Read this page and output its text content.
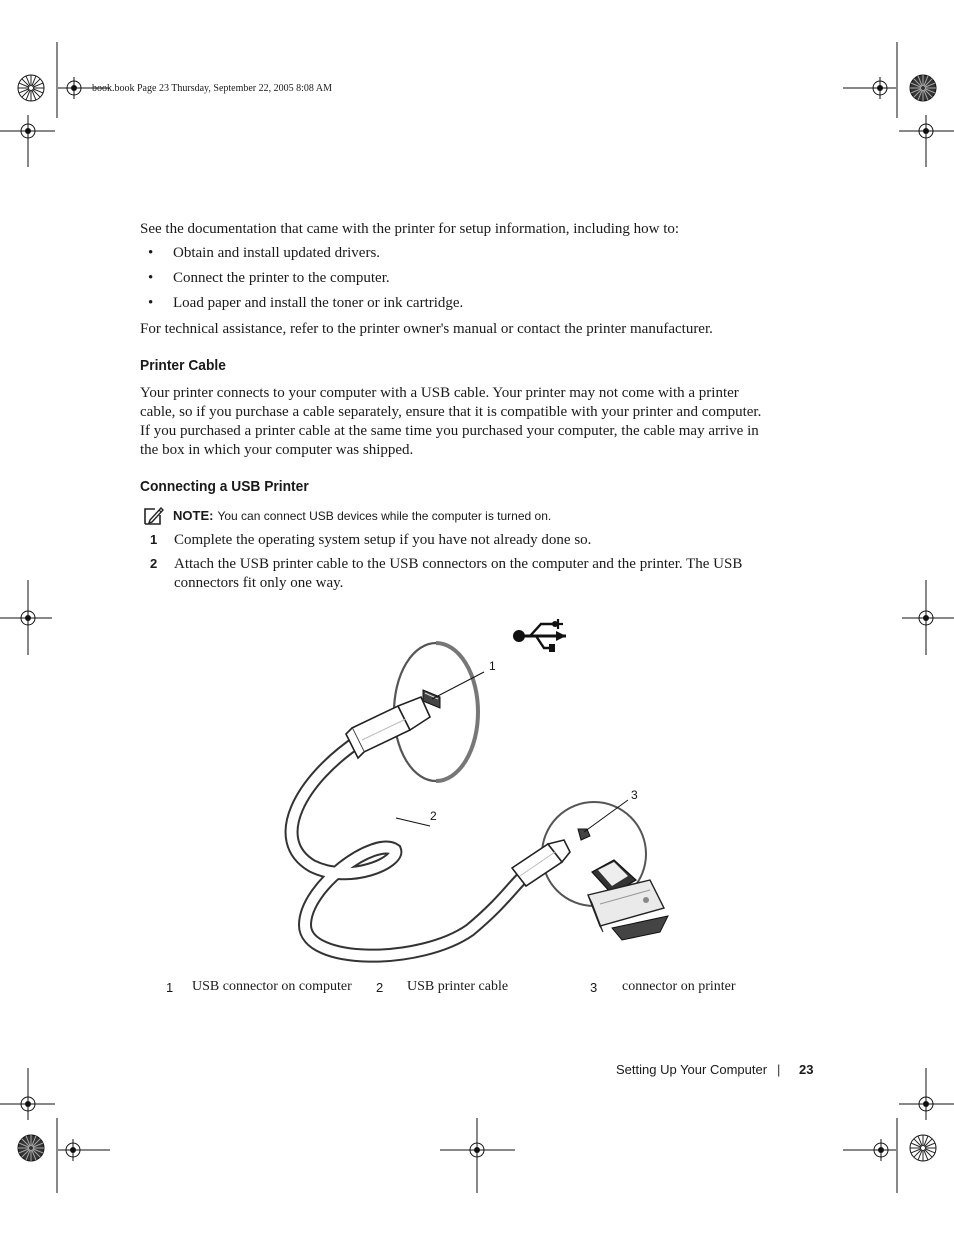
book.book Page 23 Thursday, September 22, 2005 8:08 AM
See the documentation that came with the printer for setup information, including how to:
• Obtain and install updated drivers.
• Connect the printer to the computer.
• Load paper and install the toner or ink cartridge.
For technical assistance, refer to the printer owner's manual or contact the printer manufacturer.
Printer Cable
Your printer connects to your computer with a USB cable. Your printer may not come with a printer
cable, so if you purchase a cable separately, ensure that it is compatible with your printer and computer.
If you purchased a printer cable at the same time you purchased your computer, the cable may arrive in
the box in which your computer was shipped.
Connecting a USB Printer
NOTE: You can connect USB devices while the computer is turned on.
1 Complete the operating system setup if you have not already done so.
2 Attach the USB printer cable to the USB connectors on the computer and the printer. The USB
connectors fit only one way.
1
2
3
1 USB connector on computer 2 USB printer cable	3 connector on printer
Setting Up Your Computer | 23
